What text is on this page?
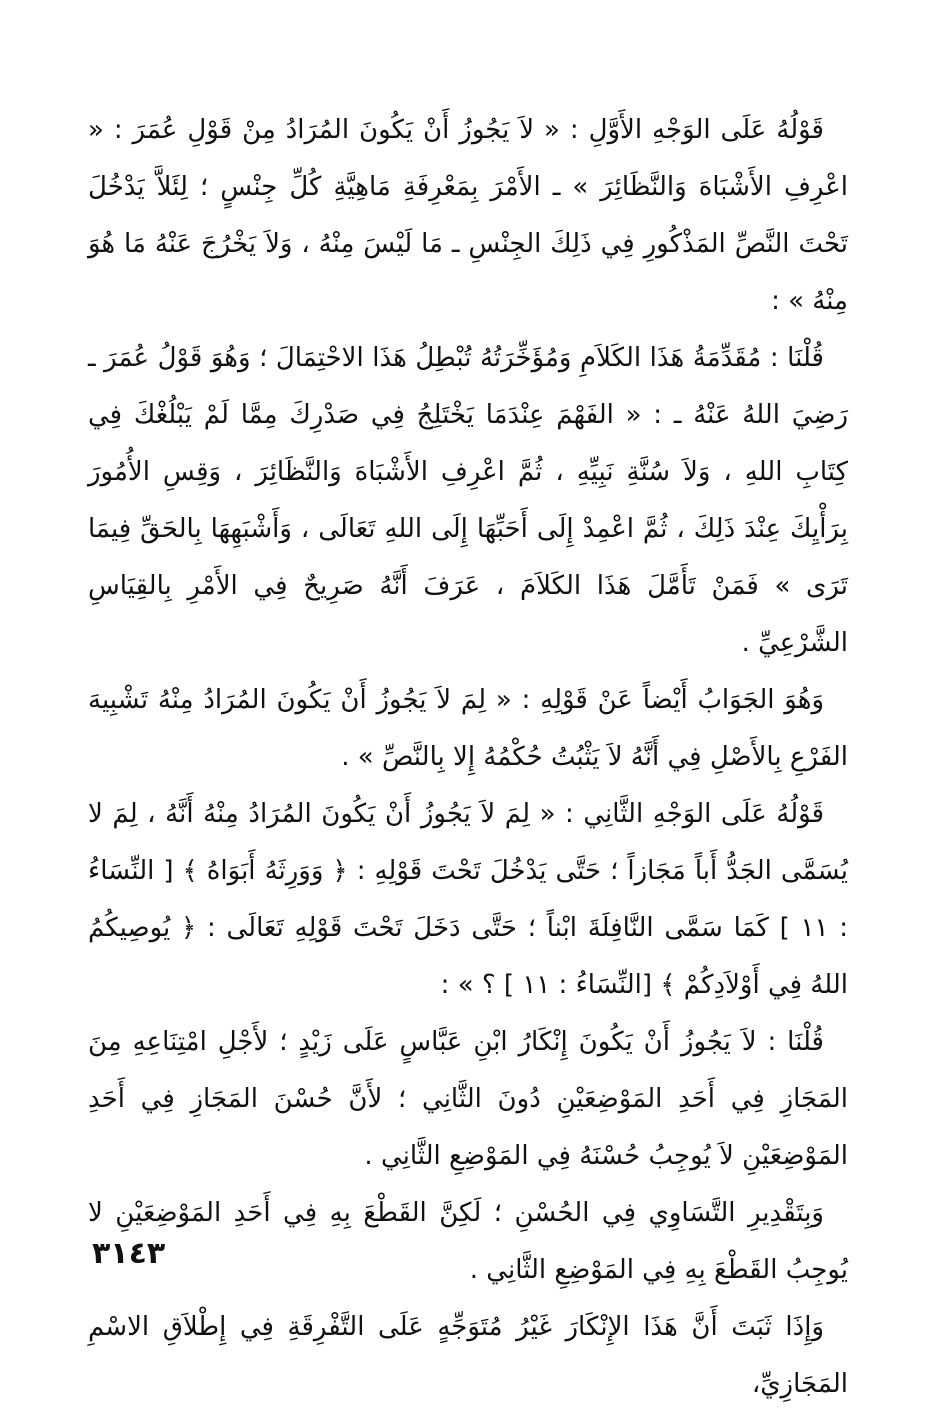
قَوْلُهُ عَلَى الوَجْهِ الأَوَّلِ : « لاَ يَجُوزُ أَنْ يَكُونَ المُرَادُ مِنْ قَوْلِ عُمَرَ : « اعْرِفِ الأَشْبَاهَ وَالنَّظَائِرَ » ـ الأَمْرَ بِمَعْرِفَةِ مَاهِيَّةِ كُلِّ جِنْسٍ ؛ لِئَلاَّ يَدْخُلَ تَحْتَ النَّصِّ المَذْكُورِ فِي ذَلِكَ الجِنْسِ ـ مَا لَيْسَ مِنْهُ ، وَلاَ يَخْرُجَ عَنْهُ مَا هُوَ مِنْهُ » :

قُلْنَا : مُقَدِّمَةُ هَذَا الكَلاَمِ وَمُؤَخِّرَتُهُ تُبْطِلُ هَذَا الاحْتِمَالَ ؛ وَهُوَ قَوْلُ عُمَرَ ـ رَضِيَ اللهُ عَنْهُ ـ : « الفَهْمَ عِنْدَمَا يَخْتَلِجُ فِي صَدْرِكَ مِمَّا لَمْ يَبْلُغْكَ فِي كِتَابِ اللهِ ، وَلاَ سُنَّةِ نَبِيِّهِ ، ثُمَّ اعْرِفِ الأَشْبَاهَ وَالنَّظَائِرَ ، وَقِسِ الأُمُورَ بِرَأْيِكَ عِنْدَ ذَلِكَ ، ثُمَّ اعْمِدْ إِلَى أَحَبِّهَا إِلَى اللهِ تَعَالَى ، وَأَشْبَهِهَا بِالحَقِّ فِيمَا تَرَى » فَمَنْ تَأَمَّلَ هَذَا الكَلاَمَ ، عَرَفَ أَنَّهُ صَرِيحٌ فِي الأَمْرِ بِالقِيَاسِ الشَّرْعِيِّ .

وَهُوَ الجَوَابُ أَيْضاً عَنْ قَوْلِهِ : « لِمَ لاَ يَجُوزُ أَنْ يَكُونَ المُرَادُ مِنْهُ تَشْبِيهَ الفَرْعِ بِالأَصْلِ فِي أَنَّهُ لاَ يَثْبُتُ حُكْمُهُ إِلا بِالنَّصِّ » .

قَوْلُهُ عَلَى الوَجْهِ الثَّانِي : « لِمَ لاَ يَجُوزُ أَنْ يَكُونَ المُرَادُ مِنْهُ أَنَّهُ ، لِمَ لا يُسَمَّى الجَدُّ أَباً مَجَازاً ؛ حَتَّى يَدْخُلَ تَحْتَ قَوْلِهِ : ﴿ وَوَرِثَهُ أَبَوَاهُ ﴾ [ النِّسَاءُ : ١١ ] كَمَا سَمَّى النَّافِلَةَ ابْناً ؛ حَتَّى دَخَلَ تَحْتَ قَوْلِهِ تَعَالَى : ﴿ يُوصِيكُمُ اللهُ فِي أَوْلاَدِكُمْ ﴾ [النِّسَاءُ : ١١ ] ؟ » :

قُلْنَا : لاَ يَجُوزُ أَنْ يَكُونَ إِنْكَارُ ابْنِ عَبَّاسٍ عَلَى زَيْدٍ ؛ لأَجْلِ امْتِنَاعِهِ مِنَ المَجَازِ فِي أَحَدِ المَوْضِعَيْنِ دُونَ الثَّانِي ؛ لأَنَّ حُسْنَ المَجَازِ فِي أَحَدِ المَوْضِعَيْنِ لاَ يُوجِبُ حُسْنَهُ فِي المَوْضِعِ الثَّانِي .

وَبِتَقْدِيرِ التَّسَاوِي فِي الحُسْنِ ؛ لَكِنَّ القَطْعَ بِهِ فِي أَحَدِ المَوْضِعَيْنِ لا يُوجِبُ القَطْعَ بِهِ فِي المَوْضِعِ الثَّانِي .

وَإِذَا ثَبَتَ أَنَّ هَذَا الإِنْكَارَ غَيْرُ مُتَوَجِّهٍ عَلَى التَّفْرِقَةِ فِي إِطْلاَقِ الاسْمِ المَجَازِيِّ،

٣١٤٣
